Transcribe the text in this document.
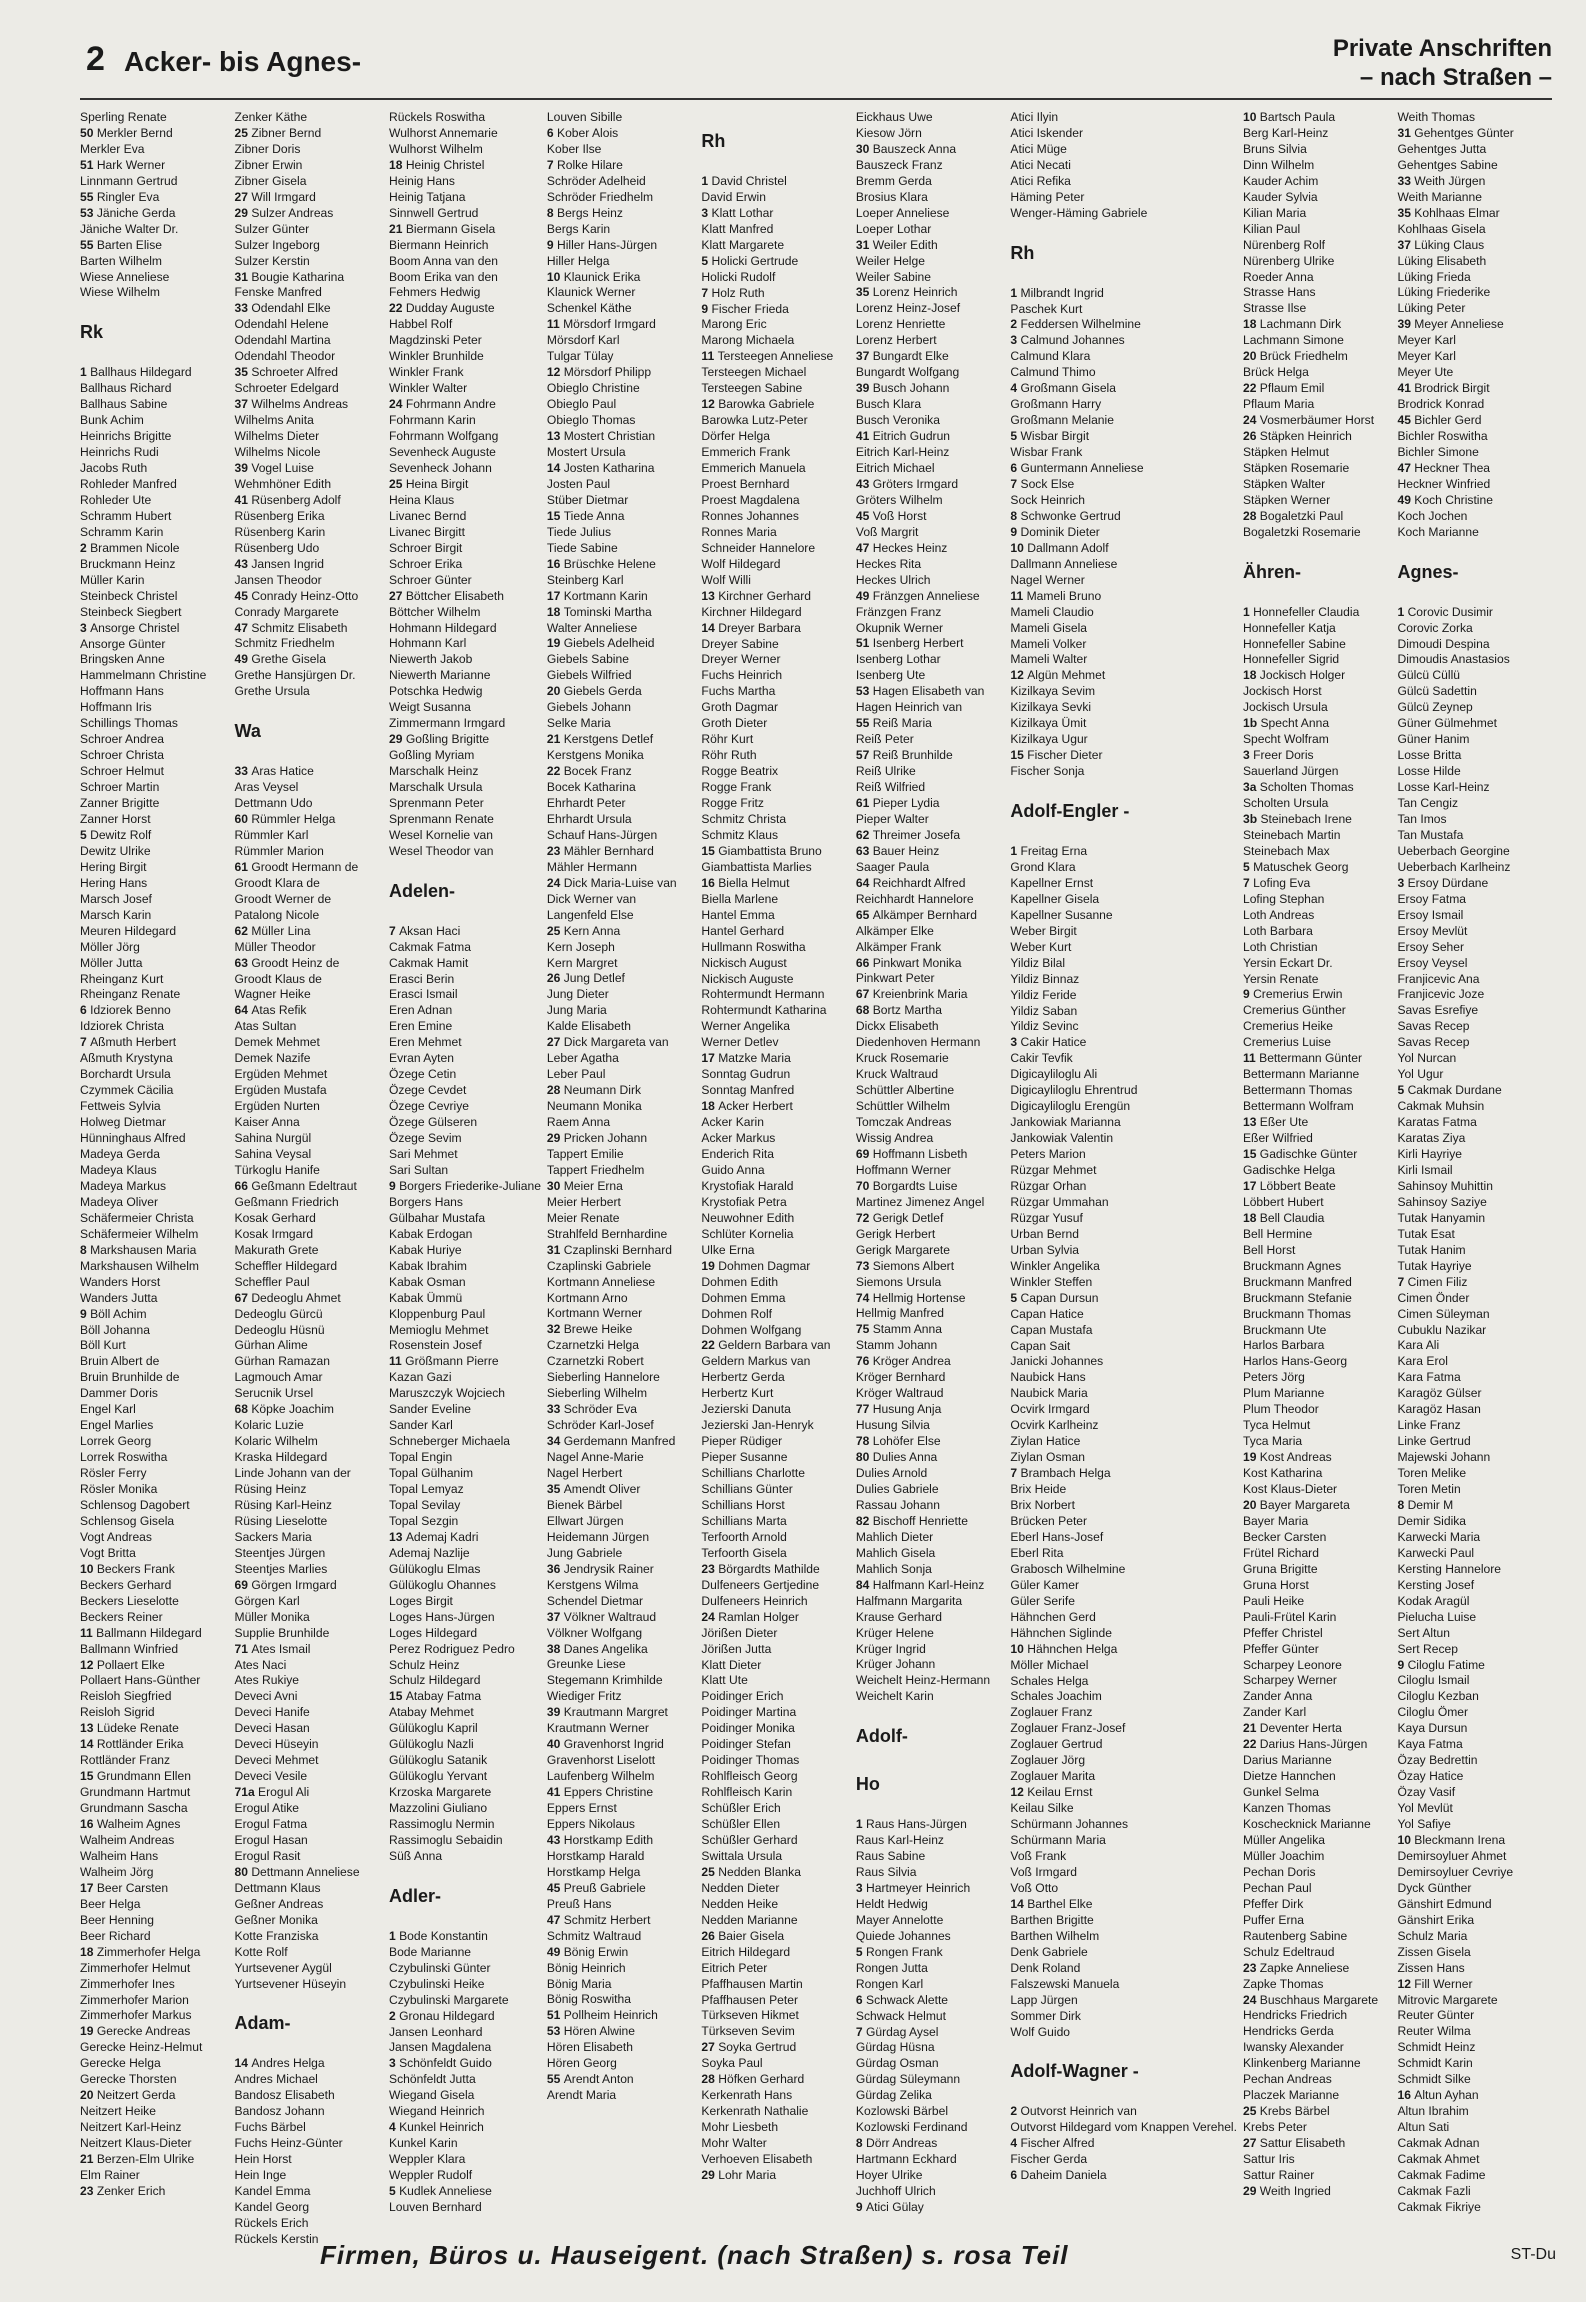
2 Acker- bis Agnes-	Private Anschriften
– nach Straßen –
Sperling Renate
50 Merkler Bernd
Merkler Eva
51 Hark Werner
Linnmann Gertrud
55 Ringler Eva
53 Jäniche Gerda
Jäniche Walter Dr.
55 Barten Elise
Barten Wilhelm
Wiese Anneliese
Wiese Wilhelm
Rk
1 Ballhaus Hildegard
Ballhaus Richard
Ballhaus Sabine
Bunk Achim
Heinrichs Brigitte
Heinrichs Rudi
Jacobs Ruth
Rohleder Manfred
Rohleder Ute
Schramm Hubert
Schramm Karin
2 Brammen Nicole
Bruckmann Heinz
Müller Karin
Steinbeck Christel
Steinbeck Siegbert
3 Ansorge Christel
Ansorge Günter
Bringsken Anne
Hammelmann Christine
Hoffmann Hans
Hoffmann Iris
Schillings Thomas
Schroer Andrea
Schroer Christa
Schroer Helmut
Schroer Martin
Zanner Brigitte
Zanner Horst
5 Dewitz Rolf
Dewitz Ulrike
Hering Birgit
Hering Hans
Marsch Josef
Marsch Karin
Meuren Hildegard
Möller Jörg
Möller Jutta
Rheinganz Kurt
Rheinganz Renate
6 Idziorek Benno
Idziorek Christa
7 Aßmuth Herbert
Aßmuth Krystyna
Borchardt Ursula
Czymmek Cäcilia
Fettweis Sylvia
Holweg Dietmar
Hünninghaus Alfred
Madeya Gerda
Madeya Klaus
Madeya Markus
Madeya Oliver
Schäfermeier Christa
Schäfermeier Wilhelm
8 Markshausen Maria
Markshausen Wilhelm
Wanders Horst
Wanders Jutta
9 Böll Achim
Böll Johanna
Böll Kurt
Bruin Albert de
Bruin Brunhilde de
Dammer Doris
Engel Karl
Engel Marlies
Lorrek Georg
Lorrek Roswitha
Rösler Ferry
Rösler Monika
Schlensog Dagobert
Schlensog Gisela
Vogt Andreas
Vogt Britta
10 Beckers Frank
Beckers Gerhard
Beckers Lieselotte
Beckers Reiner
11 Ballmann Hildegard
Ballmann Winfried
12 Pollaert Elke
Pollaert Hans-Günther
Reisloh Siegfried
Reisloh Sigrid
13 Lüdeke Renate
14 Rottländer Erika
Rottländer Franz
15 Grundmann Ellen
Grundmann Hartmut
Grundmann Sascha
16 Walheim Agnes
Walheim Andreas
Walheim Hans
Walheim Jörg
17 Beer Carsten
Beer Helga
Beer Henning
Beer Richard
18 Zimmerhofer Helga
Zimmerhofer Helmut
Zimmerhofer Ines
Zimmerhofer Marion
Zimmerhofer Markus
19 Gerecke Andreas
Gerecke Heinz-Helmut
Gerecke Helga
Gerecke Thorsten
20 Neitzert Gerda
Neitzert Heike
Neitzert Karl-Heinz
Neitzert Klaus-Dieter
21 Berzen-Elm Ulrike
Elm Rainer
23 Zenker Erich
Zenker Käthe
25 Zibner Bernd
Zibner Doris
Zibner Erwin
Zibner Gisela
27 Will Irmgard
29 Sulzer Andreas
Sulzer Günter
Sulzer Ingeborg
Sulzer Kerstin
31 Bougie Katharina
Fenske Manfred
33 Odendahl Elke
Odendahl Helene
Odendahl Martina
Odendahl Theodor
35 Schroeter Alfred
Schroeter Edelgard
37 Wilhelms Andreas
Wilhelms Anita
Wilhelms Dieter
Wilhelms Nicole
39 Vogel Luise
Wehmhöner Edith
41 Rüsenberg Adolf
Rüsenberg Erika
Rüsenberg Karin
Rüsenberg Udo
43 Jansen Ingrid
Jansen Theodor
45 Conrady Heinz-Otto
Conrady Margarete
47 Schmitz Elisabeth
Schmitz Friedhelm
49 Grethe Gisela
Grethe Hansjürgen Dr.
Grethe Ursula
Wa
33 Aras Hatice
Aras Veysel
Dettmann Udo
60 Rümmler Helga
Rümmler Karl
Rümmler Marion
61 Groodt Hermann de
Groodt Klara de
Groodt Werner de
Patalong Nicole
62 Müller Lina
Müller Theodor
63 Groodt Heinz de
Groodt Klaus de
Wagner Heike
64 Atas Refik
Atas Sultan
Demek Mehmet
Demek Nazife
Ergüden Mehmet
Ergüden Mustafa
Ergüden Nurten
Kaiser Anna
Sahina Nurgül
Sahina Veysal
Türkoglu Hanife
66 Geßmann Edeltraut
Geßmann Friedrich
Kosak Gerhard
Kosak Irmgard
Makurath Grete
Scheffler Hildegard
Scheffler Paul
67 Dedeoglu Ahmet
Dedeoglu Gürcü
Dedeoglu Hüsnü
Gürhan Alime
Gürhan Ramazan
Lagmouch Amar
Serucnik Ursel
68 Köpke Joachim
Kolaric Luzie
Kolaric Wilhelm
Kraska Hildegard
Linde Johann van der
Rüsing Heinz
Rüsing Karl-Heinz
Rüsing Lieselotte
Sackers Maria
Steentjes Jürgen
Steentjes Marlies
69 Görgen Irmgard
Görgen Karl
Müller Monika
Supplie Brunhilde
71 Ates Ismail
Ates Naci
Ates Rukiye
Deveci Avni
Deveci Hanife
Deveci Hasan
Deveci Hüseyin
Deveci Mehmet
Deveci Vesile
71a Erogul Ali
Erogul Atike
Erogul Fatma
Erogul Hasan
Erogul Rasit
80 Dettmann Anneliese
Dettmann Klaus
Geßner Andreas
Geßner Monika
Kotte Franziska
Kotte Rolf
Yurtsevener Aygül
Yurtsevener Hüseyin
Adam-
14 Andres Helga
Andres Michael
Bandosz Elisabeth
Bandosz Johann
Fuchs Bärbel
Fuchs Heinz-Günter
Hein Horst
Hein Inge
Kandel Emma
Kandel Georg
Rückels Erich
Rückels Kerstin
Rückels Roswitha
Wulhorst Annemarie
Wulhorst Wilhelm
18 Heinig Christel
Heinig Hans
Heinig Tatjana
Sinnwell Gertrud
21 Biermann Gisela
Biermann Heinrich
Boom Anna van den
Boom Erika van den
Fehmers Hedwig
22 Dudday Auguste
Habbel Rolf
Magdzinski Peter
Winkler Brunhilde
Winkler Frank
Winkler Walter
24 Fohrmann Andre
Fohrmann Karin
Fohrmann Wolfgang
Sevenheck Auguste
Sevenheck Johann
25 Heina Birgit
Heina Klaus
Livanec Bernd
Livanec Birgitt
Schroer Birgit
Schroer Erika
Schroer Günter
27 Böttcher Elisabeth
Böttcher Wilhelm
Hohmann Hildegard
Hohmann Karl
Niewerth Jakob
Niewerth Marianne
Potschka Hedwig
Weigt Susanna
Zimmermann Irmgard
29 Goßling Brigitte
Goßling Myriam
Marschalk Heinz
Marschalk Ursula
Sprenmann Peter
Sprenmann Renate
Wesel Kornelie van
Wesel Theodor van
Adelen-
7 Aksan Haci
Cakmak Fatma
Cakmak Hamit
Erasci Berin
Erasci Ismail
Eren Adnan
Eren Emine
Eren Mehmet
Evran Ayten
Özege Cetin
Özege Cevdet
Özege Cevriye
Özege Gülseren
Özege Sevim
Sari Mehmet
Sari Sultan
9 Borgers Friederike-Juliane
Borgers Hans
Gülbahar Mustafa
Kabak Erdogan
Kabak Huriye
Kabak Ibrahim
Kabak Osman
Kabak Ümmü
Kloppenburg Paul
Memioglu Mehmet
Rosenstein Josef
11 Größmann Pierre
Kazan Gazi
Maruszczyk Wojciech
Sander Eveline
Sander Karl
Schneberger Michaela
Topal Engin
Topal Gülhanim
Topal Lemyaz
Topal Sevilay
Topal Sezgin
13 Ademaj Kadri
Ademaj Nazlije
Gülükoglu Elmas
Gülükoglu Ohannes
Loges Birgit
Loges Hans-Jürgen
Loges Hildegard
Perez Rodriguez Pedro
Schulz Heinz
Schulz Hildegard
15 Atabay Fatma
Atabay Mehmet
Gülükoglu Kapril
Gülükoglu Nazli
Gülükoglu Satanik
Gülükoglu Yervant
Krzoska Margarete
Mazzolini Giuliano
Rassimoglu Nermin
Rassimoglu Sebaidin
Süß Anna
Adler-
1 Bode Konstantin
Bode Marianne
Czybulinski Günter
Czybulinski Heike
Czybulinski Margarete
2 Gronau Hildegard
Jansen Leonhard
Jansen Magdalena
3 Schönfeldt Guido
Schönfeldt Jutta
Wiegand Gisela
Wiegand Heinrich
4 Kunkel Heinrich
Kunkel Karin
Weppler Klara
Weppler Rudolf
5 Kudlek Anneliese
Louven Bernhard
Louven Sibille
6 Kober Alois
Kober Ilse
7 Rolke Hilare
Schröder Adelheid
Schröder Friedhelm
8 Bergs Heinz
Bergs Karin
9 Hiller Hans-Jürgen
Hiller Helga
10 Klaunick Erika
Klaunick Werner
Schenkel Käthe
11 Mörsdorf Irmgard
Mörsdorf Karl
Tulgar Tülay
12 Mörsdorf Philipp
Obieglo Christine
Obieglo Paul
Obieglo Thomas
13 Mostert Christian
Mostert Ursula
14 Josten Katharina
Josten Paul
Stüber Dietmar
15 Tiede Anna
Tiede Julius
Tiede Sabine
16 Brüschke Helene
Steinberg Karl
17 Kortmann Karin
18 Tominski Martha
Walter Anneliese
19 Giebels Adelheid
Giebels Sabine
Giebels Wilfried
20 Giebels Gerda
Giebels Johann
Selke Maria
21 Kerstgens Detlef
Kerstgens Monika
22 Bocek Franz
Bocek Katharina
Ehrhardt Peter
Ehrhardt Ursula
Schauf Hans-Jürgen
23 Mähler Bernhard
Mähler Hermann
24 Dick Maria-Luise van
Dick Werner van
Langenfeld Else
25 Kern Anna
Kern Joseph
Kern Margret
26 Jung Detlef
Jung Dieter
Jung Maria
Kalde Elisabeth
27 Dick Margareta van
Leber Agatha
Leber Paul
28 Neumann Dirk
Neumann Monika
Raem Anna
29 Pricken Johann
Tappert Emilie
Tappert Friedhelm
30 Meier Erna
Meier Herbert
Meier Renate
Strahlfeld Bernhardine
31 Czaplinski Bernhard
Czaplinski Gabriele
Kortmann Anneliese
Kortmann Arno
Kortmann Werner
32 Brewe Heike
Czarnetzki Helga
Czarnetzki Robert
Sieberling Hannelore
Sieberling Wilhelm
33 Schröder Eva
Schröder Karl-Josef
34 Gerdemann Manfred
Nagel Anne-Marie
Nagel Herbert
35 Amendt Oliver
Bienek Bärbel
Ellwart Jürgen
Heidemann Jürgen
Jung Gabriele
36 Jendrysik Rainer
Kerstgens Wilma
Schendel Dietmar
37 Völkner Waltraud
Völkner Wolfgang
38 Danes Angelika
Greunke Liese
Stegemann Krimhilde
Wiediger Fritz
39 Krautmann Margret
Krautmann Werner
40 Gravenhorst Ingrid
Gravenhorst Liselott
Laufenberg Wilhelm
41 Eppers Christine
Eppers Ernst
Eppers Nikolaus
43 Horstkamp Edith
Horstkamp Harald
Horstkamp Helga
45 Preuß Gabriele
Preuß Hans
47 Schmitz Herbert
Schmitz Waltraud
49 Bönig Erwin
Bönig Heinrich
Bönig Maria
Bönig Roswitha
51 Pollheim Heinrich
53 Hören Alwine
Hören Elisabeth
Hören Georg
55 Arendt Anton
Arendt Maria
Rh
1 David Christel
David Erwin
3 Klatt Lothar
Klatt Manfred
Klatt Margarete
5 Holicki Gertrude
Holicki Rudolf
7 Holz Ruth
9 Fischer Frieda
Marong Eric
Marong Michaela
11 Tersteegen Anneliese
Tersteegen Michael
Tersteegen Sabine
12 Barowka Gabriele
Barowka Lutz-Peter
Dörfer Helga
Emmerich Frank
Emmerich Manuela
Proest Bernhard
Proest Magdalena
Ronnes Johannes
Ronnes Maria
Schneider Hannelore
Wolf Hildegard
Wolf Willi
13 Kirchner Gerhard
Kirchner Hildegard
14 Dreyer Barbara
Dreyer Sabine
Dreyer Werner
Fuchs Heinrich
Fuchs Martha
Groth Dagmar
Groth Dieter
Röhr Kurt
Röhr Ruth
Rogge Beatrix
Rogge Frank
Rogge Fritz
Schmitz Christa
Schmitz Klaus
15 Giambattista Bruno
Giambattista Marlies
16 Biella Helmut
Biella Marlene
Hantel Emma
Hantel Gerhard
Hullmann Roswitha
Nickisch August
Nickisch Auguste
Rohtermundt Hermann
Rohtermundt Katharina
Werner Angelika
Werner Detlev
17 Matzke Maria
Sonntag Gudrun
Sonntag Manfred
18 Acker Herbert
Acker Karin
Acker Markus
Enderich Rita
Guido Anna
Krystofiak Harald
Krystofiak Petra
Neuwohner Edith
Schlüter Kornelia
Ulke Erna
19 Dohmen Dagmar
Dohmen Edith
Dohmen Emma
Dohmen Rolf
Dohmen Wolfgang
22 Geldern Barbara van
Geldern Markus van
Herbertz Gerda
Herbertz Kurt
Jezierski Danuta
Jezierski Jan-Henryk
Pieper Rüdiger
Pieper Susanne
Schillians Charlotte
Schillians Günter
Schillians Horst
Schillians Marta
Terfoorth Arnold
Terfoorth Gisela
23 Börgardts Mathilde
Dulfeneers Gertjedine
Dulfeneers Heinrich
24 Ramlan Holger
Jörißen Dieter
Jörißen Jutta
Klatt Dieter
Klatt Ute
Poidinger Erich
Poidinger Martina
Poidinger Monika
Poidinger Stefan
Poidinger Thomas
Rohlfleisch Georg
Rohlfleisch Karin
Schüßler Erich
Schüßler Ellen
Schüßler Gerhard
Swittala Ursula
25 Nedden Blanka
Nedden Dieter
Nedden Heike
Nedden Marianne
26 Baier Gisela
Eitrich Hildegard
Eitrich Peter
Pfaffhausen Martin
Pfaffhausen Peter
Türkseven Hikmet
Türkseven Sevim
27 Soyka Gertrud
Soyka Paul
28 Höfken Gerhard
Kerkenrath Hans
Kerkenrath Nathalie
Mohr Liesbeth
Mohr Walter
Verhoeven Elisabeth
29 Lohr Maria
Eickhaus Uwe
Kiesow Jörn
30 Bauszeck Anna
Bauszeck Franz
Bremm Gerda
Brosius Klara
Loeper Anneliese
Loeper Lothar
31 Weiler Edith
Weiler Helge
Weiler Sabine
35 Lorenz Heinrich
Lorenz Heinz-Josef
Lorenz Henriette
Lorenz Herbert
37 Bungardt Elke
Bungardt Wolfgang
39 Busch Johann
Busch Klara
Busch Veronika
41 Eitrich Gudrun
Eitrich Karl-Heinz
Eitrich Michael
43 Gröters Irmgard
Gröters Wilhelm
45 Voß Horst
Voß Margrit
47 Heckes Heinz
Heckes Rita
Heckes Ulrich
49 Fränzgen Anneliese
Fränzgen Franz
Okupnik Werner
51 Isenberg Herbert
Isenberg Lothar
Isenberg Ute
53 Hagen Elisabeth van
Hagen Heinrich van
55 Reiß Maria
Reiß Peter
57 Reiß Brunhilde
Reiß Ulrike
Reiß Wilfried
61 Pieper Lydia
Pieper Walter
62 Threimer Josefa
63 Bauer Heinz
Saager Paula
64 Reichhardt Alfred
Reichhardt Hannelore
65 Alkämper Bernhard
Alkämper Elke
Alkämper Frank
66 Pinkwart Monika
Pinkwart Peter
67 Kreienbrink Maria
68 Bortz Martha
Dickx Elisabeth
Diedenhoven Hermann
Kruck Rosemarie
Kruck Waltraud
Schüttler Albertine
Schüttler Wilhelm
Tomczak Andreas
Wissig Andrea
69 Hoffmann Lisbeth
Hoffmann Werner
70 Borgardts Luise
Martinez Jimenez Angel
72 Gerigk Detlef
Gerigk Herbert
Gerigk Margarete
73 Siemons Albert
Siemons Ursula
74 Hellmig Hortense
Hellmig Manfred
75 Stamm Anna
Stamm Johann
76 Kröger Andrea
Kröger Bernhard
Kröger Waltraud
77 Husung Anja
Husung Silvia
78 Lohöfer Else
80 Dulies Anna
Dulies Arnold
Dulies Gabriele
Rassau Johann
82 Bischoff Henriette
Mahlich Dieter
Mahlich Gisela
Mahlich Sonja
84 Halfmann Karl-Heinz
Halfmann Margarita
Krause Gerhard
Krüger Helene
Krüger Ingrid
Krüger Johann
Weichelt Heinz-Hermann
Weichelt Karin
Adolf-
Ho
1 Raus Hans-Jürgen
Raus Karl-Heinz
Raus Sabine
Raus Silvia
3 Hartmeyer Heinrich
Heldt Hedwig
Mayer Annelotte
Quiede Johannes
5 Rongen Frank
Rongen Jutta
Rongen Karl
6 Schwack Alette
Schwack Helmut
7 Gürdag Aysel
Gürdag Hüsna
Gürdag Osman
Gürdag Süleymann
Gürdag Zelika
Kozlowski Bärbel
Kozlowski Ferdinand
8 Dörr Andreas
Hartmann Eckhard
Hoyer Ulrike
Juchhoff Ulrich
9 Atici Gülay
Atici Ilyin
Atici Iskender
Atici Müge
Atici Necati
Atici Refika
Häming Peter
Wenger-Häming Gabriele
Rh
1 Milbrandt Ingrid
Paschek Kurt
2 Feddersen Wilhelmine
3 Calmund Johannes
Calmund Klara
Calmund Thimo
4 Großmann Gisela
Großmann Harry
Großmann Melanie
5 Wisbar Birgit
Wisbar Frank
6 Guntermann Anneliese
7 Sock Else
Sock Heinrich
8 Schwonke Gertrud
9 Dominik Dieter
10 Dallmann Adolf
Dallmann Anneliese
Nagel Werner
11 Mameli Bruno
Mameli Claudio
Mameli Gisela
Mameli Volker
Mameli Walter
12 Algün Mehmet
Kizilkaya Sevim
Kizilkaya Sevki
Kizilkaya Ümit
Kizilkaya Ugur
15 Fischer Dieter
Fischer Sonja
Adolf-Engler -
1 Freitag Erna
Grond Klara
Kapellner Ernst
Kapellner Gisela
Kapellner Susanne
Weber Birgit
Weber Kurt
Yildiz Bilal
Yildiz Binnaz
Yildiz Feride
Yildiz Saban
Yildiz Sevinc
3 Cakir Hatice
Cakir Tevfik
Digicayliloglu Ali
Digicayliloglu Ehrentrud
Digicayliloglu Erengün
Jankowiak Marianna
Jankowiak Valentin
Peters Marion
Rüzgar Mehmet
Rüzgar Orhan
Rüzgar Ummahan
Rüzgar Yusuf
Urban Bernd
Urban Sylvia
Winkler Angelika
Winkler Steffen
5 Capan Dursun
Capan Hatice
Capan Mustafa
Capan Sait
Janicki Johannes
Naubick Hans
Naubick Maria
Ocvirk Irmgard
Ocvirk Karlheinz
Ziylan Hatice
Ziylan Osman
7 Brambach Helga
Brix Heide
Brix Norbert
Brücken Peter
Eberl Hans-Josef
Eberl Rita
Grabosch Wilhelmine
Güler Kamer
Güler Serife
Hähnchen Gerd
Hähnchen Siglinde
10 Hähnchen Helga
Möller Michael
Schales Helga
Schales Joachim
Zoglauer Franz
Zoglauer Franz-Josef
Zoglauer Gertrud
Zoglauer Jörg
Zoglauer Marita
12 Keilau Ernst
Keilau Silke
Schürmann Johannes
Schürmann Maria
Voß Frank
Voß Irmgard
Voß Otto
14 Barthel Elke
Barthen Brigitte
Barthen Wilhelm
Denk Gabriele
Denk Roland
Falszewski Manuela
Lapp Jürgen
Sommer Dirk
Wolf Guido
Adolf-Wagner -
2 Outvorst Heinrich van
Outvorst Hildegard vom Knappen Verehel.
4 Fischer Alfred
Fischer Gerda
6 Daheim Daniela
10 Bartsch Paula
Berg Karl-Heinz
Bruns Silvia
Dinn Wilhelm
Kauder Achim
Kauder Sylvia
Kilian Maria
Kilian Paul
Nürenberg Rolf
Nürenberg Ulrike
Roeder Anna
Strasse Hans
Strasse Ilse
18 Lachmann Dirk
Lachmann Simone
20 Brück Friedhelm
Brück Helga
22 Pflaum Emil
Pflaum Maria
24 Vosmerbäumer Horst
26 Stäpken Heinrich
Stäpken Helmut
Stäpken Rosemarie
Stäpken Walter
Stäpken Werner
28 Bogaletzki Paul
Bogaletzki Rosemarie
Ähren-
1 Honnefeller Claudia
Honnefeller Katja
Honnefeller Sabine
Honnefeller Sigrid
18 Jockisch Holger
Jockisch Horst
Jockisch Ursula
1b Specht Anna
Specht Wolfram
3 Freer Doris
Sauerland Jürgen
3a Scholten Thomas
Scholten Ursula
3b Steinebach Irene
Steinebach Martin
Steinebach Max
5 Matuschek Georg
7 Lofing Eva
Lofing Stephan
Loth Andreas
Loth Barbara
Loth Christian
Yersin Eckart Dr.
Yersin Renate
9 Cremerius Erwin
Cremerius Günther
Cremerius Heike
Cremerius Luise
11 Bettermann Günter
Bettermann Marianne
Bettermann Thomas
Bettermann Wolfram
13 Eßer Ute
Eßer Wilfried
15 Gadischke Günter
Gadischke Helga
17 Löbbert Beate
Löbbert Hubert
18 Bell Claudia
Bell Hermine
Bell Horst
Bruckmann Agnes
Bruckmann Manfred
Bruckmann Stefanie
Bruckmann Thomas
Bruckmann Ute
Harlos Barbara
Harlos Hans-Georg
Peters Jörg
Plum Marianne
Plum Theodor
Tyca Helmut
Tyca Maria
19 Kost Andreas
Kost Katharina
Kost Klaus-Dieter
20 Bayer Margareta
Bayer Maria
Becker Carsten
Frütel Richard
Gruna Brigitte
Gruna Horst
Pauli Heike
Pauli-Frütel Karin
Pfeffer Christel
Pfeffer Günter
Scharpey Leonore
Scharpey Werner
Zander Anna
Zander Karl
21 Deventer Herta
22 Darius Hans-Jürgen
Darius Marianne
Dietze Hannchen
Gunkel Selma
Kanzen Thomas
Koschecknick Marianne
Müller Angelika
Müller Joachim
Pechan Doris
Pechan Paul
Pfeffer Dirk
Puffer Erna
Rautenberg Sabine
Schulz Edeltraud
23 Zapke Anneliese
Zapke Thomas
24 Buschhaus Margarete
Hendricks Friedrich
Hendricks Gerda
Iwansky Alexander
Klinkenberg Marianne
Pechan Andreas
Placzek Marianne
25 Krebs Bärbel
Krebs Peter
27 Sattur Elisabeth
Sattur Iris
Sattur Rainer
29 Weith Ingried
Weith Thomas
31 Gehentges Günter
Gehentges Jutta
Gehentges Sabine
33 Weith Jürgen
Weith Marianne
35 Kohlhaas Elmar
Kohlhaas Gisela
37 Lüking Claus
Lüking Elisabeth
Lüking Frieda
Lüking Friederike
Lüking Peter
39 Meyer Anneliese
Meyer Karl
Meyer Karl
Meyer Ute
41 Brodrick Birgit
Brodrick Konrad
45 Bichler Gerd
Bichler Roswitha
Bichler Simone
47 Heckner Thea
Heckner Winfried
49 Koch Christine
Koch Jochen
Koch Marianne
Agnes-
1 Corovic Dusimir
Corovic Zorka
Dimoudi Despina
Dimoudis Anastasios
Gülcü Cüllü
Gülcü Sadettin
Gülcü Zeynep
Güner Gülmehmet
Güner Hanim
Losse Britta
Losse Hilde
Losse Karl-Heinz
Tan Cengiz
Tan Imos
Tan Mustafa
Ueberbach Georgine
Ueberbach Karlheinz
3 Ersoy Dürdane
Ersoy Fatma
Ersoy Ismail
Ersoy Mevlüt
Ersoy Seher
Ersoy Veysel
Franjicevic Ana
Franjicevic Joze
Savas Esrefiye
Savas Recep
Savas Recep
Yol Nurcan
Yol Ugur
5 Cakmak Durdane
Cakmak Muhsin
Karatas Fatma
Karatas Ziya
Kirli Hayriye
Kirli Ismail
Sahinsoy Muhittin
Sahinsoy Saziye
Tutak Hanyamin
Tutak Esat
Tutak Hanim
Tutak Hayriye
7 Cimen Filiz
Cimen Önder
Cimen Süleyman
Cubuklu Nazikar
Kara Ali
Kara Erol
Kara Fatma
Karagöz Gülser
Karagöz Hasan
Linke Franz
Linke Gertrud
Majewski Johann
Toren Melike
Toren Metin
8 Demir M
Demir Sidika
Karwecki Maria
Karwecki Paul
Kersting Hannelore
Kersting Josef
Kodak Aragül
Pielucha Luise
Sert Altun
Sert Recep
9 Ciloglu Fatime
Ciloglu Ismail
Ciloglu Kezban
Ciloglu Ömer
Kaya Dursun
Kaya Fatma
Özay Bedrettin
Özay Hatice
Özay Vasif
Yol Mevlüt
Yol Safiye
10 Bleckmann Irena
Demirsoyluer Ahmet
Demirsoyluer Cevriye
Dyck Günther
Gänshirt Edmund
Gänshirt Erika
Schulz Maria
Zissen Gisela
Zissen Hans
12 Fill Werner
Mitrovic Margarete
Reuter Günter
Reuter Wilma
Schmidt Heinz
Schmidt Karin
Schmidt Silke
16 Altun Ayhan
Altun Ibrahim
Altun Sati
Cakmak Adnan
Cakmak Ahmet
Cakmak Fadime
Cakmak Fazli
Cakmak Fikriye
Firmen, Büros u. Hauseigent. (nach Straßen) s. rosa Teil	ST-Du
